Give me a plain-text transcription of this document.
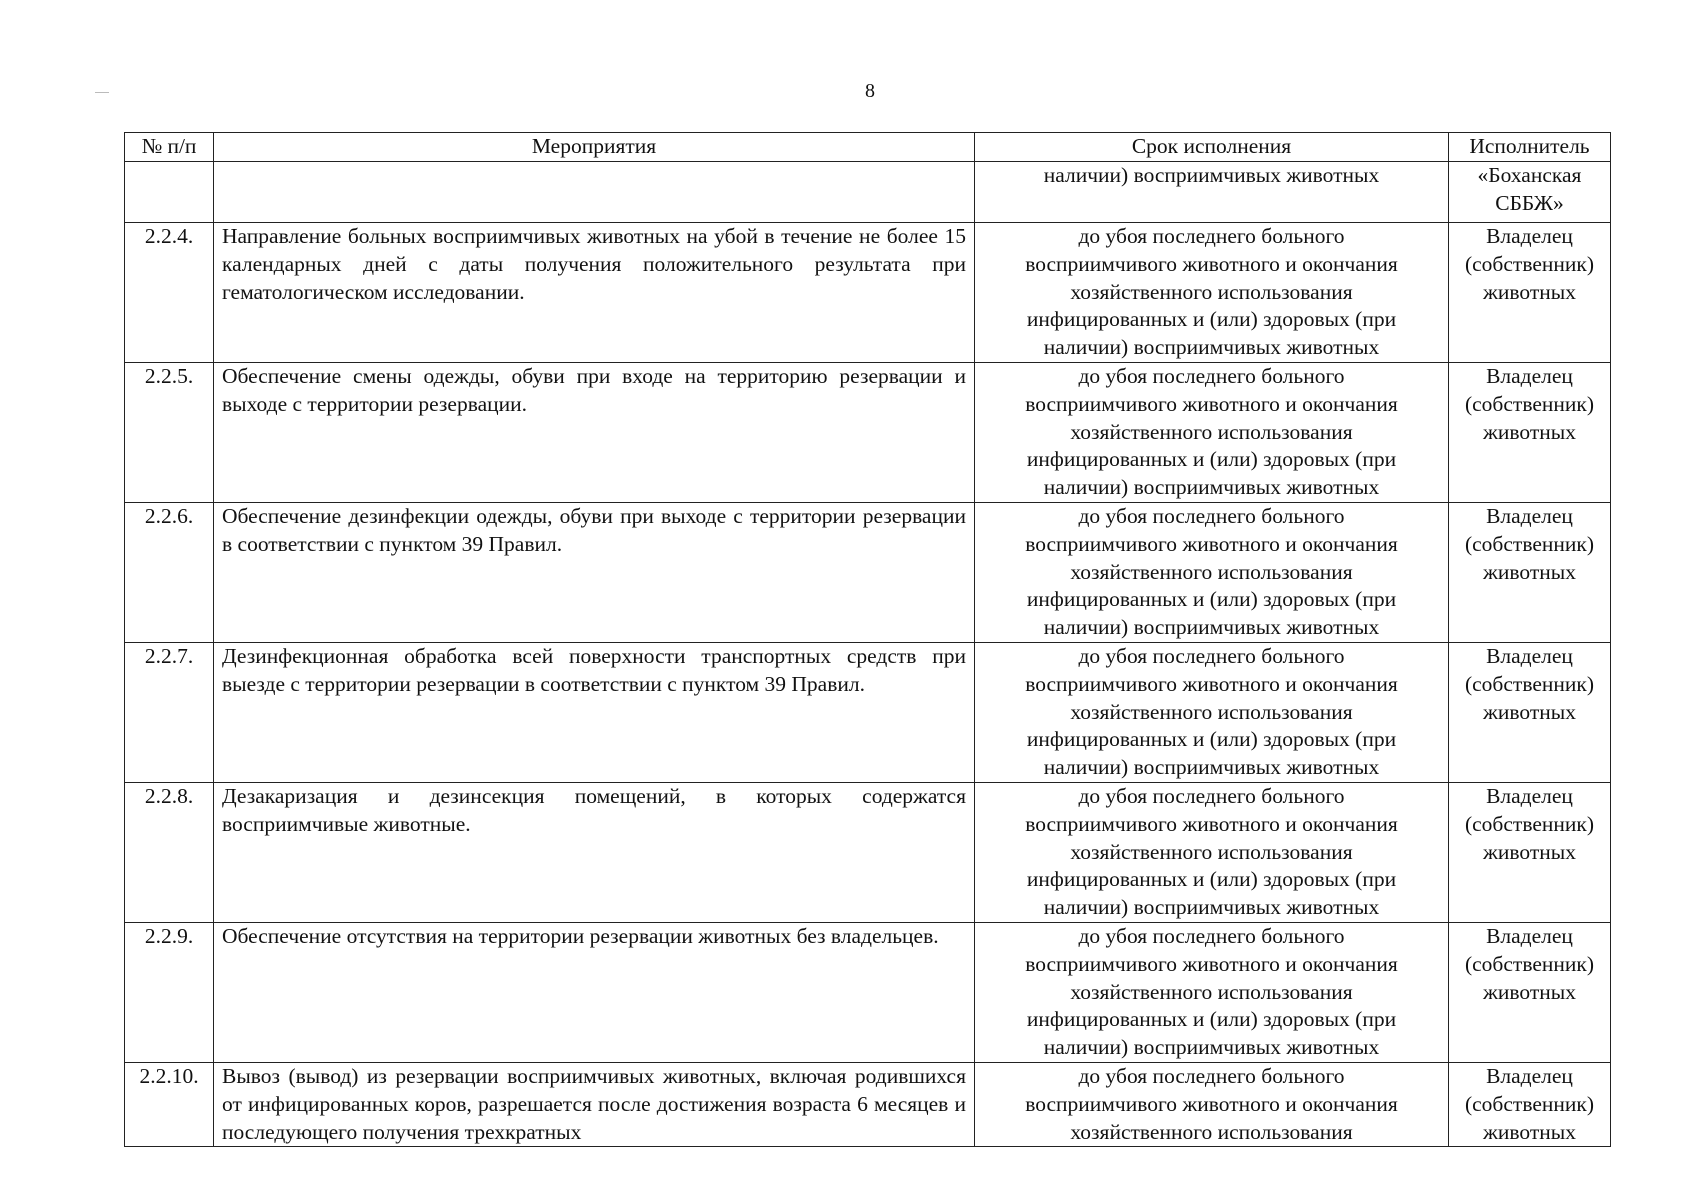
8
№ п/п	Мероприятия	Срок исполнения	Исполнитель

		наличии) восприимчивых животных	«Боханская
СББЖ»

2.2.4.	Направление больных восприимчивых животных на убой в течение не более 15 календарных дней с даты получения положительного результата при гематологическом исследовании.	до убоя последнего больного
восприимчивого животного и окончания
хозяйственного использования
инфицированных и (или) здоровых (при
наличии) восприимчивых животных	Владелец
(собственник)
животных

2.2.5.	Обеспечение смены одежды, обуви при входе на территорию резервации и выходе с территории резервации.	до убоя последнего больного
восприимчивого животного и окончания
хозяйственного использования
инфицированных и (или) здоровых (при
наличии) восприимчивых животных	Владелец
(собственник)
животных

2.2.6.	Обеспечение дезинфекции одежды, обуви при выходе с территории резервации в соответствии с пунктом 39 Правил.	до убоя последнего больного
восприимчивого животного и окончания
хозяйственного использования
инфицированных и (или) здоровых (при
наличии) восприимчивых животных	Владелец
(собственник)
животных

2.2.7.	Дезинфекционная обработка всей поверхности транспортных средств при выезде с территории резервации в соответствии с пунктом 39 Правил.	до убоя последнего больного
восприимчивого животного и окончания
хозяйственного использования
инфицированных и (или) здоровых (при
наличии) восприимчивых животных	Владелец
(собственник)
животных

2.2.8.	Дезакаризация и дезинсекция помещений, в которых содержатся восприимчивые животные.	до убоя последнего больного
восприимчивого животного и окончания
хозяйственного использования
инфицированных и (или) здоровых (при
наличии) восприимчивых животных	Владелец
(собственник)
животных

2.2.9.	Обеспечение отсутствия на территории резервации животных без владельцев.	до убоя последнего больного
восприимчивого животного и окончания
хозяйственного использования
инфицированных и (или) здоровых (при
наличии) восприимчивых животных	Владелец
(собственник)
животных

2.2.10.	Вывоз (вывод) из резервации восприимчивых животных, включая родившихся от инфицированных коров, разрешается после достижения возраста 6 месяцев и последующего получения трехкратных	до убоя последнего больного
восприимчивого животного и окончания
хозяйственного использования	Владелец
(собственник)
животных
